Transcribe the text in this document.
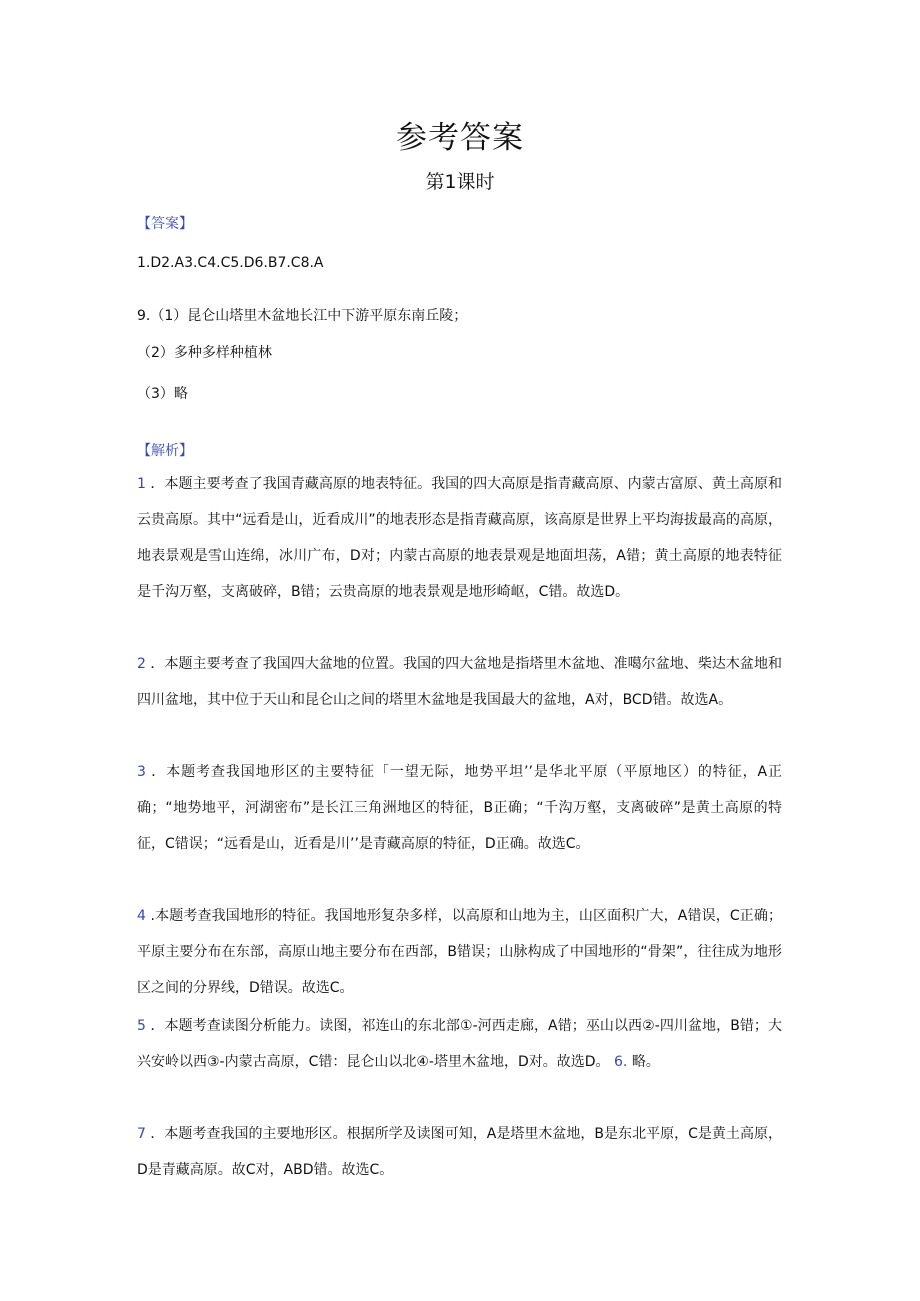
参考答案
第1课时
【答案】
1.D2.A3.C4.C5.D6.B7.C8.A
9.（1）昆仑山塔里木盆地长江中下游平原东南丘陵；
（2）多种多样种植林
（3）略
【解析】
1 ．本题主要考查了我国青藏高原的地表特征。我国的四大高原是指青藏高原、内蒙古富原、黄土高原和云贵高原。其中“远看是山，近看成川”的地表形态是指青藏高原，该高原是世界上平均海拔最高的高原，地表景观是雪山连绵，冰川广布，D对；内蒙古高原的地表景观是地面坦荡，A错；黄土高原的地表特征是千沟万壑，支离破碎，B错；云贵高原的地表景观是地形崎岖，C错。故选D。
2 ．本题主要考查了我国四大盆地的位置。我国的四大盆地是指塔里木盆地、准噶尔盆地、柴达木盆地和四川盆地，其中位于天山和昆仑山之间的塔里木盆地是我国最大的盆地，A对，BCD错。故选A。
3 ．本题考查我国地形区的主要特征「一望无际，地势平坦’’是华北平原（平原地区）的特征，A正确；“地势地平，河湖密布”是长江三角洲地区的特征，B正确；“千沟万壑，支离破碎”是黄土高原的特征，C错误；“远看是山，近看是川’’是青藏高原的特征，D正确。故选C。
4 .本题考查我国地形的特征。我国地形复杂多样，以高原和山地为主，山区面积广大，A错误，C正确；平原主要分布在东部，高原山地主要分布在西部，B错误；山脉构成了中国地形的“骨架”，往往成为地形区之间的分界线，D错误。故选C。
5 ．本题考查读图分析能力。读图，祁连山的东北部①-河西走廊，A错；巫山以西②-四川盆地，B错；大兴安岭以西③-内蒙古高原，C错：昆仑山以北④-塔里木盆地，D对。故选D。 6. 略。
7 ．本题考查我国的主要地形区。根据所学及读图可知，A是塔里木盆地，B是东北平原，C是黄土高原，D是青藏高原。故C对，ABD错。故选C。
